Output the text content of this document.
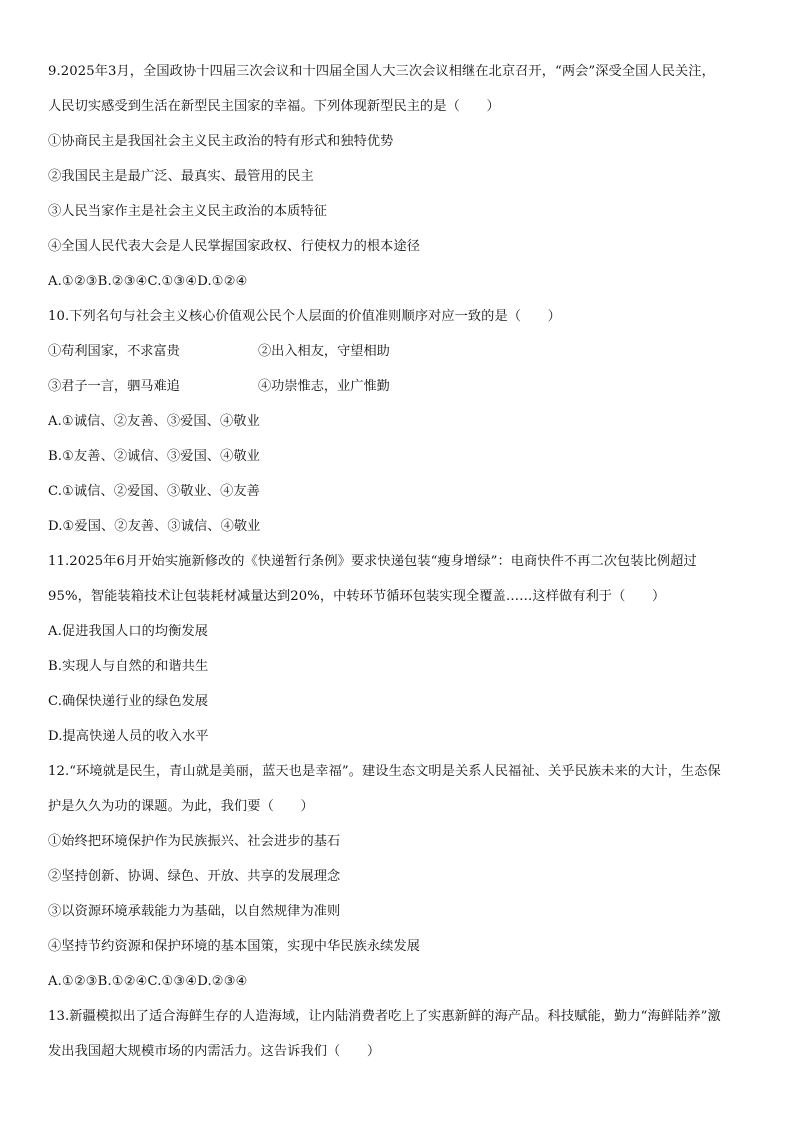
9.2025年3月，全国政协十四届三次会议和十四届全国人大三次会议相继在北京召开，“两会”深受全国人民关注，
人民切实感受到生活在新型民主国家的幸福。下列体现新型民主的是（　　）
①协商民主是我国社会主义民主政治的特有形式和独特优势
②我国民主是最广泛、最真实、最管用的民主
③人民当家作主是社会主义民主政治的本质特征
④全国人民代表大会是人民掌握国家政权、行使权力的根本途径
A.①②③B.②③④C.①③④D.①②④
10.下列名句与社会主义核心价值观公民个人层面的价值准则顺序对应一致的是（　　）
①苟利国家，不求富贵	②出入相友，守望相助
③君子一言，驷马难追	④功崇惟志，业广惟勤
A.①诚信、②友善、③爱国、④敬业
B.①友善、②诚信、③爱国、④敬业
C.①诚信、②爱国、③敬业、④友善
D.①爱国、②友善、③诚信、④敬业
11.2025年6月开始实施新修改的《快递暂行条例》要求快递包装“瘦身增绿”：电商快件不再二次包装比例超过
95%，智能装箱技术让包装耗材减量达到20%，中转环节循环包装实现全覆盖……这样做有利于（　　）
A.促进我国人口的均衡发展
B.实现人与自然的和谐共生
C.确保快递行业的绿色发展
D.提高快递人员的收入水平
12.“环境就是民生，青山就是美丽，蓝天也是幸福”。建设生态文明是关系人民福祉、关乎民族未来的大计，生态保
护是久久为功的课题。为此，我们要（　　）
①始终把环境保护作为民族振兴、社会进步的基石
②坚持创新、协调、绿色、开放、共享的发展理念
③以资源环境承载能力为基础，以自然规律为准则
④坚持节约资源和保护环境的基本国策，实现中华民族永续发展
A.①②③B.①②④C.①③④D.②③④
13.新疆模拟出了适合海鲜生存的人造海域，让内陆消费者吃上了实惠新鲜的海产品。科技赋能，勤力“海鲜陆养”激
发出我国超大规模市场的内需活力。这告诉我们（　　）
